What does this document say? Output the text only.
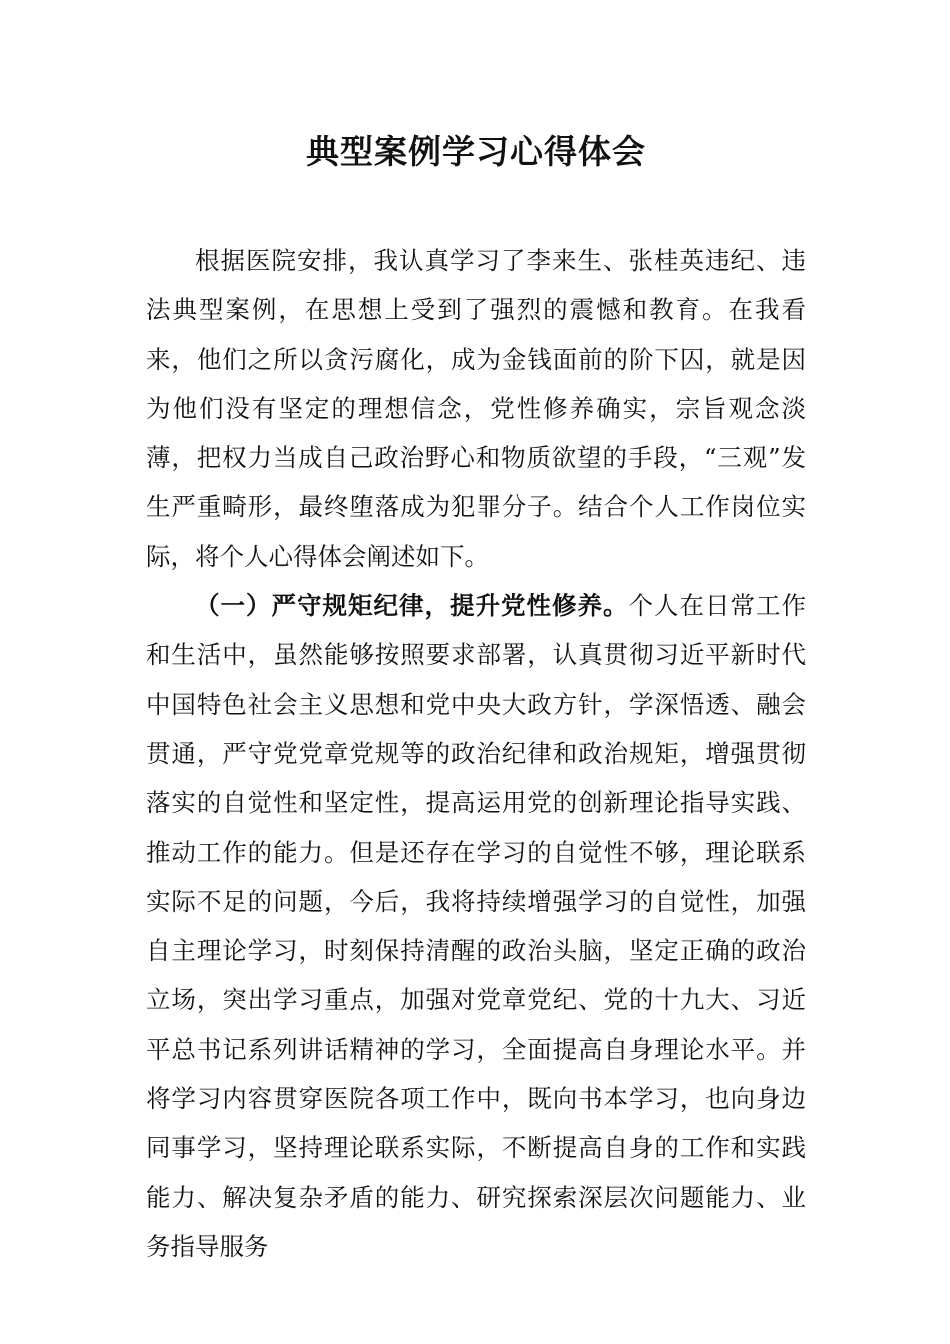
典型案例学习心得体会

根据医院安排，我认真学习了李来生、张桂英违纪、违法典型案例，在思想上受到了强烈的震憾和教育。在我看来，他们之所以贪污腐化，成为金钱面前的阶下囚，就是因为他们没有坚定的理想信念，党性修养确实，宗旨观念淡薄，把权力当成自己政治野心和物质欲望的手段，“三观”发生严重畸形，最终堕落成为犯罪分子。结合个人工作岗位实际，将个人心得体会阐述如下。

（一）严守规矩纪律，提升党性修养。个人在日常工作和生活中，虽然能够按照要求部署，认真贯彻习近平新时代中国特色社会主义思想和党中央大政方针，学深悟透、融会贯通，严守党党章党规等的政治纪律和政治规矩，增强贯彻落实的自觉性和坚定性，提高运用党的创新理论指导实践、推动工作的能力。但是还存在学习的自觉性不够，理论联系实际不足的问题，今后，我将持续增强学习的自觉性，加强自主理论学习，时刻保持清醒的政治头脑，坚定正确的政治立场，突出学习重点，加强对党章党纪、党的十九大、习近平总书记系列讲话精神的学习，全面提高自身理论水平。并将学习内容贯穿医院各项工作中，既向书本学习，也向身边同事学习，坚持理论联系实际，不断提高自身的工作和实践能力、解决复杂矛盾的能力、研究探索深层次问题能力、业务指导服务
